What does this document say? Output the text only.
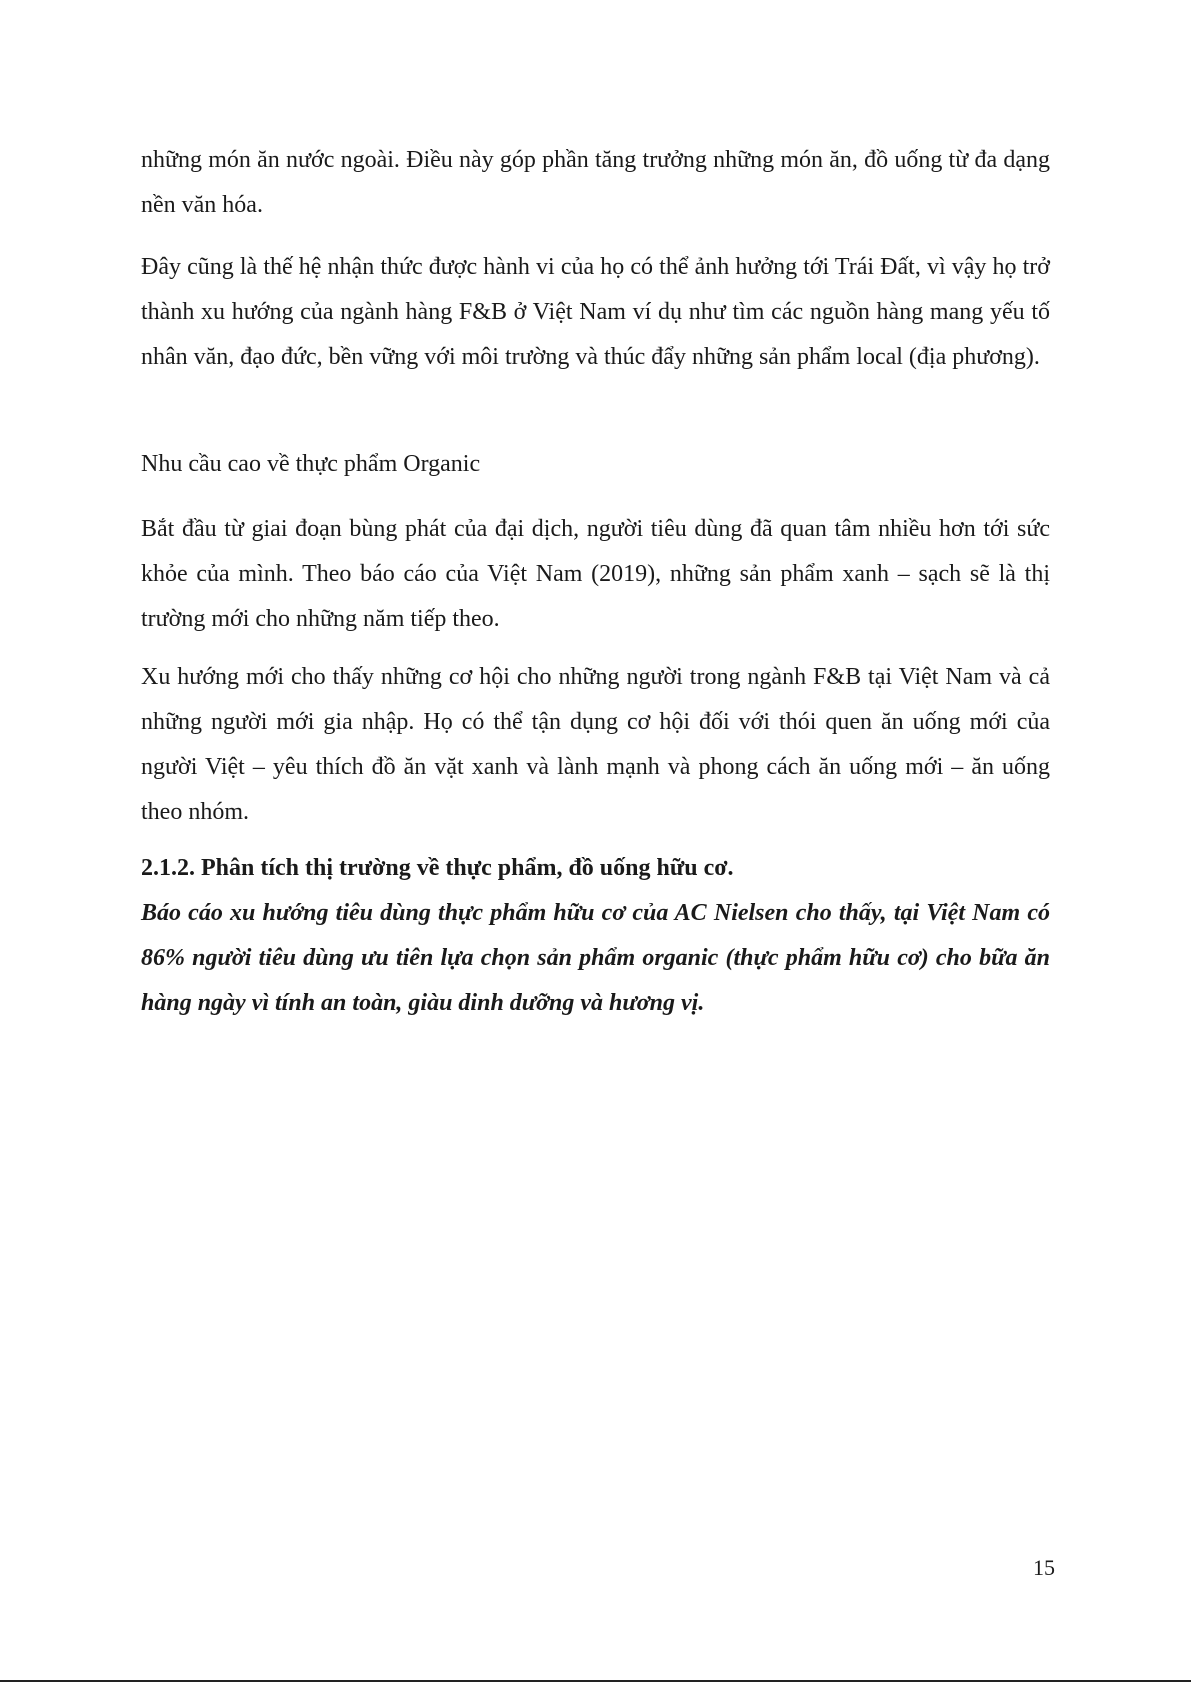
những món ăn nước ngoài. Điều này góp phần tăng trưởng những món ăn, đồ uống từ đa dạng nền văn hóa.

Đây cũng là thế hệ nhận thức được hành vi của họ có thể ảnh hưởng tới Trái Đất, vì vậy họ trở thành xu hướng của ngành hàng F&B ở Việt Nam ví dụ như tìm các nguồn hàng mang yếu tố nhân văn, đạo đức, bền vững với môi trường và thúc đẩy những sản phẩm local (địa phương).

Nhu cầu cao về thực phẩm Organic

Bắt đầu từ giai đoạn bùng phát của đại dịch, người tiêu dùng đã quan tâm nhiều hơn tới sức khỏe của mình. Theo báo cáo của Việt Nam (2019), những sản phẩm xanh – sạch sẽ là thị trường mới cho những năm tiếp theo.

Xu hướng mới cho thấy những cơ hội cho những người trong ngành F&B tại Việt Nam và cả những người mới gia nhập. Họ có thể tận dụng cơ hội đối với thói quen ăn uống mới của người Việt – yêu thích đồ ăn vặt xanh và lành mạnh và phong cách ăn uống mới – ăn uống theo nhóm.

2.1.2. Phân tích thị trường về thực phẩm, đồ uống hữu cơ.

Báo cáo xu hướng tiêu dùng thực phẩm hữu cơ của AC Nielsen cho thấy, tại Việt Nam có 86% người tiêu dùng ưu tiên lựa chọn sản phẩm organic (thực phẩm hữu cơ) cho bữa ăn hàng ngày vì tính an toàn, giàu dinh dưỡng và hương vị.

15
